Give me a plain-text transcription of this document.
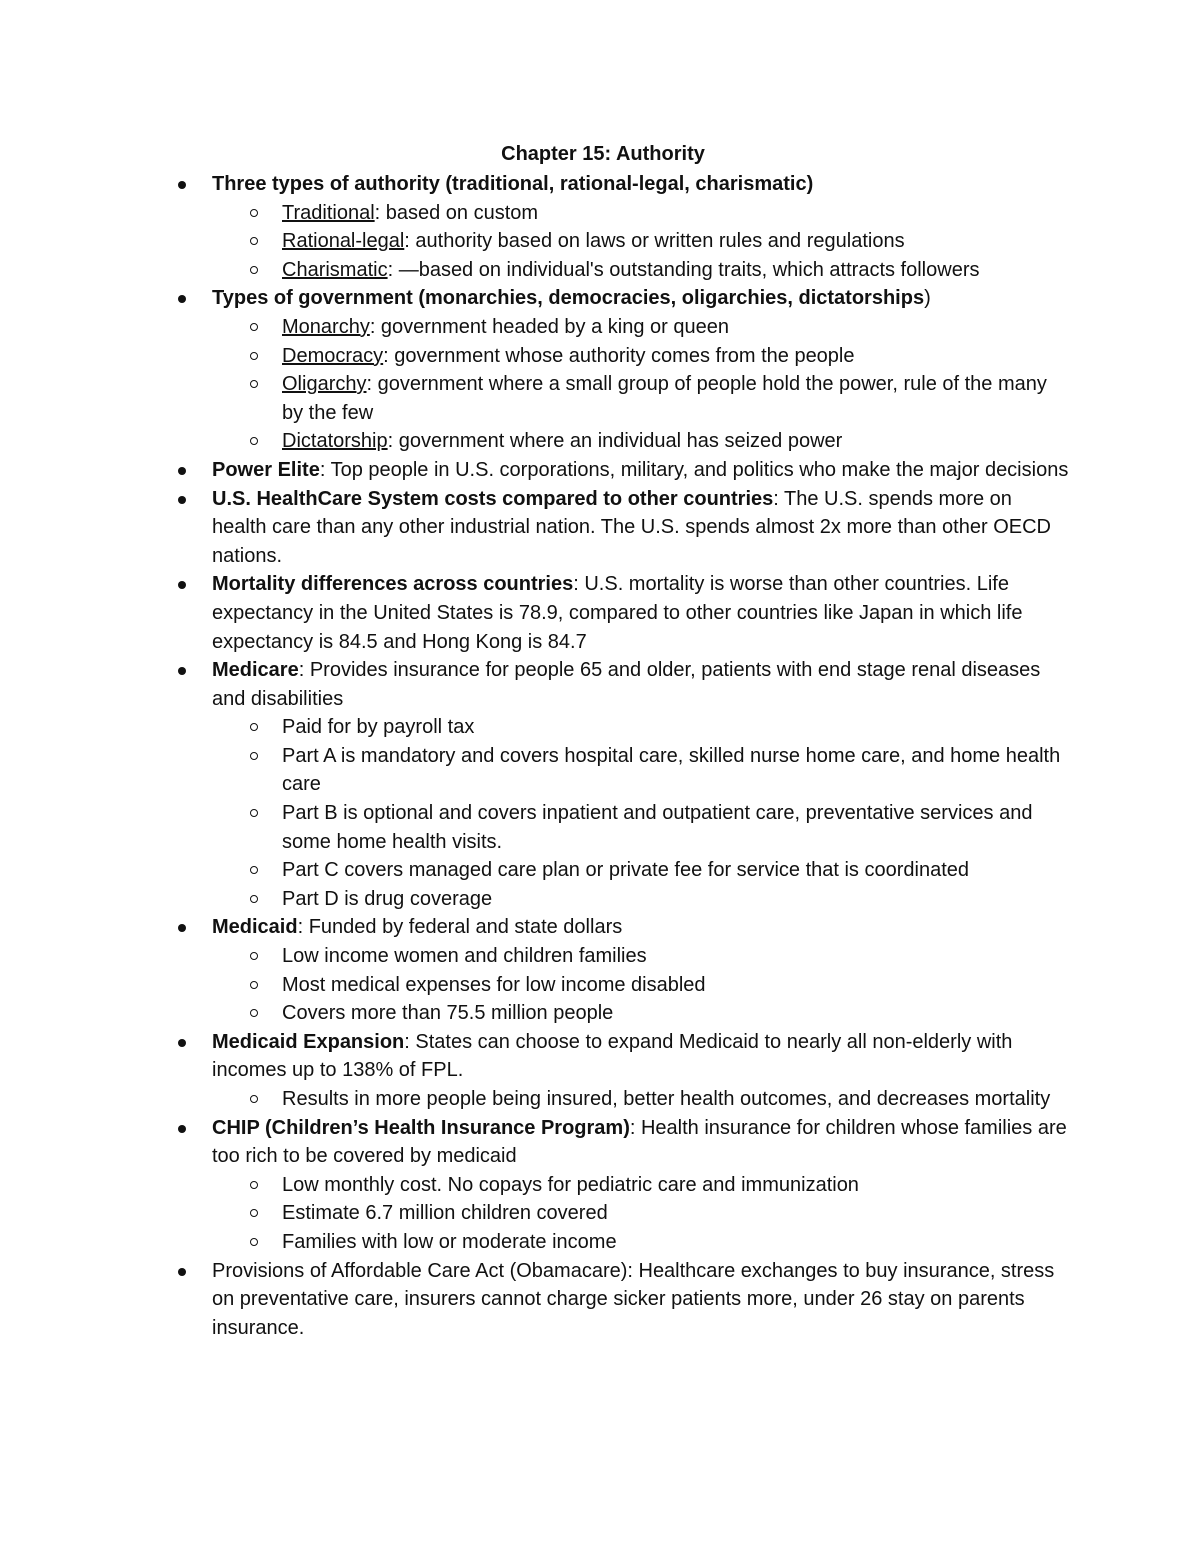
Chapter 15: Authority
Three types of authority (traditional, rational-legal, charismatic)
Traditional: based on custom
Rational-legal: authority based on laws or written rules and regulations
Charismatic: —based on individual's outstanding traits, which attracts followers
Types of government (monarchies, democracies, oligarchies, dictatorships)
Monarchy: government headed by a king or queen
Democracy: government whose authority comes from the people
Oligarchy: government where a small group of people hold the power, rule of the many by the few
Dictatorship: government where an individual has seized power
Power Elite: Top people in U.S. corporations, military, and politics who make the major decisions
U.S. HealthCare System costs compared to other countries: The U.S. spends more on health care than any other industrial nation. The U.S. spends almost 2x more than other OECD nations.
Mortality differences across countries: U.S. mortality is worse than other countries. Life expectancy in the United States is 78.9, compared to other countries like Japan in which life expectancy is 84.5 and Hong Kong is 84.7
Medicare: Provides insurance for people 65 and older, patients with end stage renal diseases and disabilities
Paid for by payroll tax
Part A is mandatory and covers hospital care, skilled nurse home care, and home health care
Part B is optional and covers inpatient and outpatient care, preventative services and some home health visits.
Part C covers managed care plan or private fee for service that is coordinated
Part D is drug coverage
Medicaid: Funded by federal and state dollars
Low income women and children families
Most medical expenses for low income disabled
Covers more than 75.5 million people
Medicaid Expansion: States can choose to expand Medicaid to nearly all non-elderly with incomes up to 138% of FPL.
Results in more people being insured, better health outcomes, and decreases mortality
CHIP (Children’s Health Insurance Program): Health insurance for children whose families are too rich to be covered by medicaid
Low monthly cost. No copays for pediatric care and immunization
Estimate 6.7 million children covered
Families with low or moderate income
Provisions of Affordable Care Act (Obamacare): Healthcare exchanges to buy insurance, stress on preventative care, insurers cannot charge sicker patients more, under 26 stay on parents insurance.
